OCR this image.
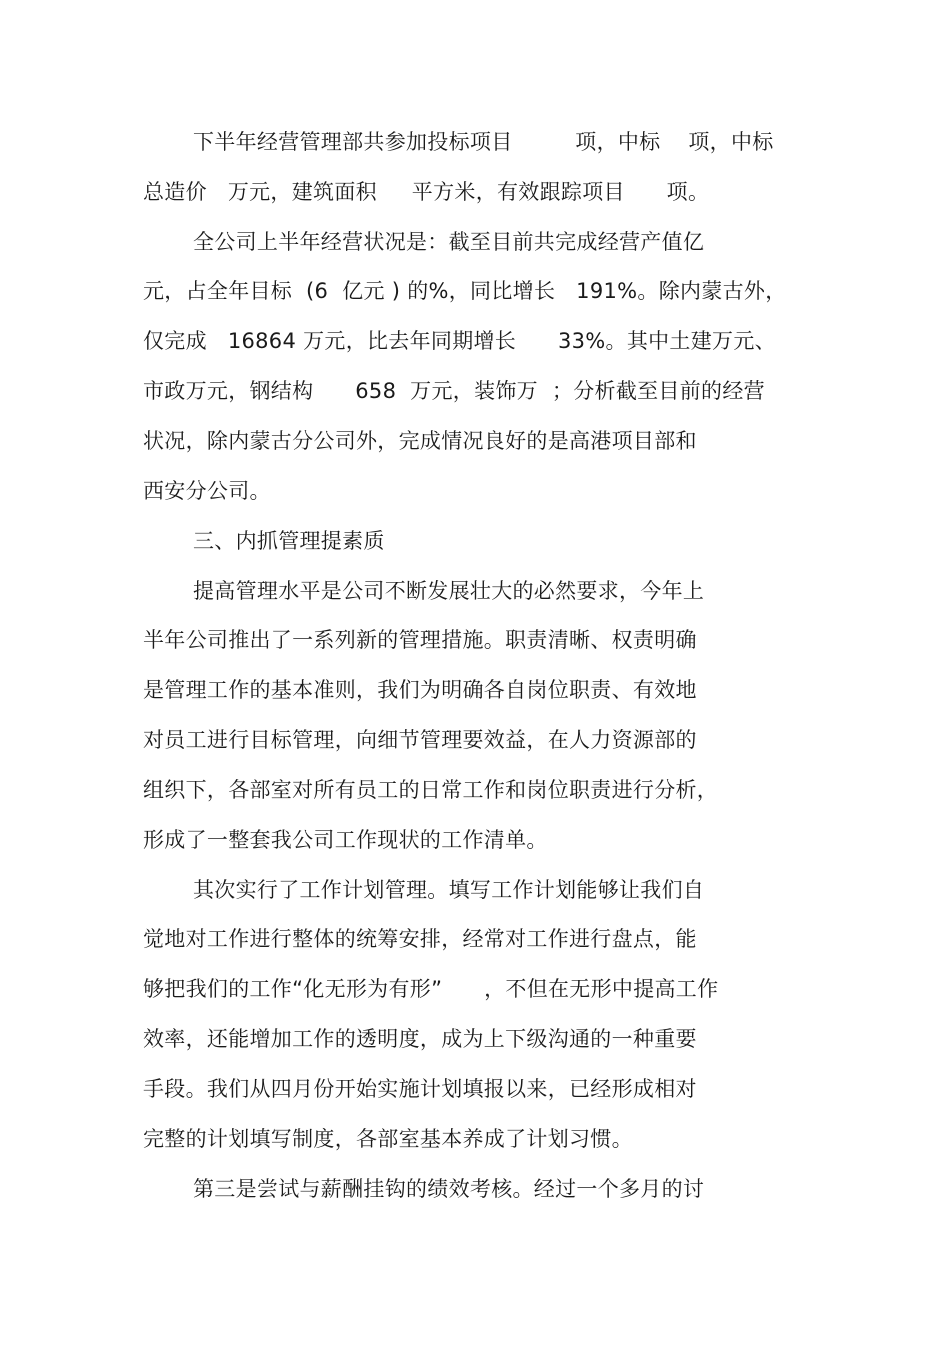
下半年经营管理部共参加投标项目         项，中标    项，中标
总造价   万元，建筑面积     平方米，有效跟踪项目      项。
全公司上半年经营状况是：截至目前共完成经营产值亿
元，占全年目标  (6  亿元 ) 的%，同比增长   191%。除内蒙古外，
仅完成   16864 万元，比去年同期增长      33%。其中土建万元、
市政万元，钢结构      658  万元，装饰万  ；分析截至目前的经营
状况，除内蒙古分公司外，完成情况良好的是高港项目部和
西安分公司。
三、内抓管理提素质
提高管理水平是公司不断发展壮大的必然要求，今年上
半年公司推出了一系列新的管理措施。职责清晰、权责明确
是管理工作的基本准则，我们为明确各自岗位职责、有效地
对员工进行目标管理，向细节管理要效益，在人力资源部的
组织下，各部室对所有员工的日常工作和岗位职责进行分析，
形成了一整套我公司工作现状的工作清单。
其次实行了工作计划管理。填写工作计划能够让我们自
觉地对工作进行整体的统筹安排，经常对工作进行盘点，能
够把我们的工作“化无形为有形”      ，不但在无形中提高工作
效率，还能增加工作的透明度，成为上下级沟通的一种重要
手段。我们从四月份开始实施计划填报以来，已经形成相对
完整的计划填写制度，各部室基本养成了计划习惯。
第三是尝试与薪酬挂钩的绩效考核。经过一个多月的讨
